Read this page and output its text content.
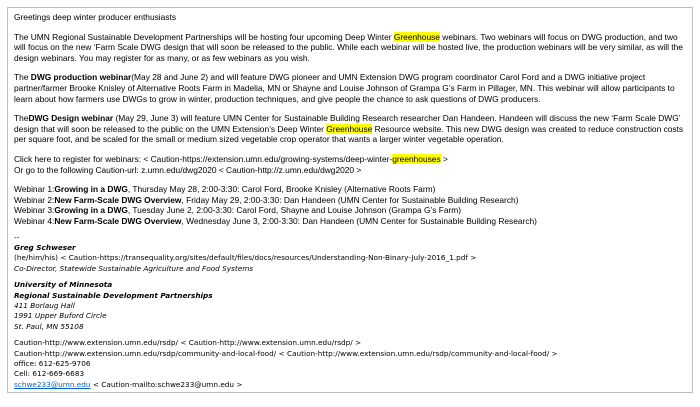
Greetings deep winter producer enthusiasts

The UMN Regional Sustainable Development Partnerships will be hosting four upcoming Deep Winter Greenhouse webinars. Two webinars will focus on DWG production, and two will focus on the new ‘Farm Scale DWG design that will soon be released to the public. While each webinar will be hosted live, the production webinars will be very similar, as will the design webinars. You may register for as many, or as few webinars as you wish.

The DWG production webinar(May 28 and June 2) and will feature DWG pioneer and UMN Extension DWG program coordinator Carol Ford and a DWG initiative project partner/farmer Brooke Knisley of Alternative Roots Farm in Madelia, MN or Shayne and Louise Johnson of Grampa G’s Farm in Pillager, MN. This webinar will allow participants to learn about how farmers use DWGs to grow in winter, production techniques, and give people the chance to ask questions of DWG producers.

TheDWG Design webinar (May 29, June 3) will feature UMN Center for Sustainable Building Research researcher Dan Handeen. Handeen will discuss the new ‘Farm Scale DWG’ design that will soon be released to the public on the UMN Extension’s Deep Winter Greenhouse Resource website. This new DWG design was created to reduce construction costs per square foot, and be scaled for the small or medium sized vegetable crop operator that wants a larger winter vegetable operation.

Click here to register for webinars: < Caution-https://extension.umn.edu/growing-systems/deep-winter-greenhouses >

Or go to the following Caution-url: z.umn.edu/dwg2020 < Caution-http://z.umn.edu/dwg2020 >

Webinar 1:Growing in a DWG, Thursday May 28, 2:00-3:30: Carol Ford, Brooke Knisley (Alternative Roots Farm)

Webinar 2:New Farm-Scale DWG Overview, Friday May 29, 2:00-3:30: Dan Handeen (UMN Center for Sustainable Building Research)

Webinar 3:Growing in a DWG, Tuesday June 2, 2:00-3:30: Carol Ford, Shayne and Louise Johnson (Grampa G’s Farm)

Webinar 4:New Farm-Scale DWG Overview, Wednesday June 3, 2:00-3:30: Dan Handeen (UMN Center for Sustainable Building Research)

--

Greg Schweser

(he/him/his) < Caution-https://transequality.org/sites/default/files/docs/resources/Understanding-Non-Binary-July-2016_1.pdf >

Co-Director, Statewide Sustainable Agriculture and Food Systems

University of Minnesota

Regional Sustainable Development Partnerships

411 Borlaug Hall

1991 Upper Buford Circle

St. Paul, MN 55108

Caution-http://www.extension.umn.edu/rsdp/ < Caution-http://www.extension.umn.edu/rsdp/ >

Caution-http://www.extension.umn.edu/rsdp/community-and-local-food/ < Caution-http://www.extension.umn.edu/rsdp/community-and-local-food/ >

office: 612-625-9706

Cell: 612-669-6683

schwe233@umn.edu < Caution-mailto:schwe233@umn.edu >
